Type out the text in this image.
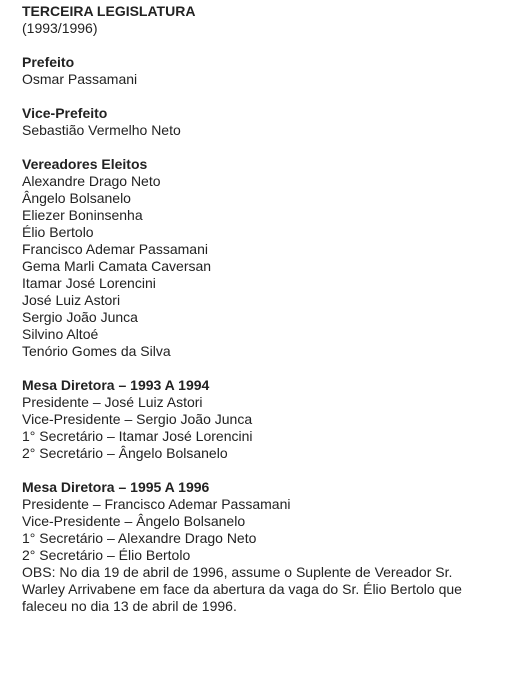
TERCEIRA LEGISLATURA
(1993/1996)
Prefeito
Osmar Passamani
Vice-Prefeito
Sebastião Vermelho Neto
Vereadores Eleitos
Alexandre Drago Neto
Ângelo Bolsanelo
Eliezer Boninsenha
Élio Bertolo
Francisco Ademar Passamani
Gema Marli Camata Caversan
Itamar José Lorencini
José Luiz Astori
Sergio João Junca
Silvino Altoé
Tenório Gomes da Silva
Mesa Diretora – 1993 A 1994
Presidente – José Luiz Astori
Vice-Presidente – Sergio João Junca
1° Secretário – Itamar José Lorencini
2° Secretário – Ângelo Bolsanelo
Mesa Diretora – 1995 A 1996
Presidente – Francisco Ademar Passamani
Vice-Presidente – Ângelo Bolsanelo
1° Secretário – Alexandre Drago Neto
2° Secretário – Élio Bertolo
OBS: No dia 19 de abril de 1996, assume o Suplente de Vereador Sr. Warley Arrivabene em face da abertura da vaga do Sr. Élio Bertolo que faleceu no dia 13 de abril de 1996.
